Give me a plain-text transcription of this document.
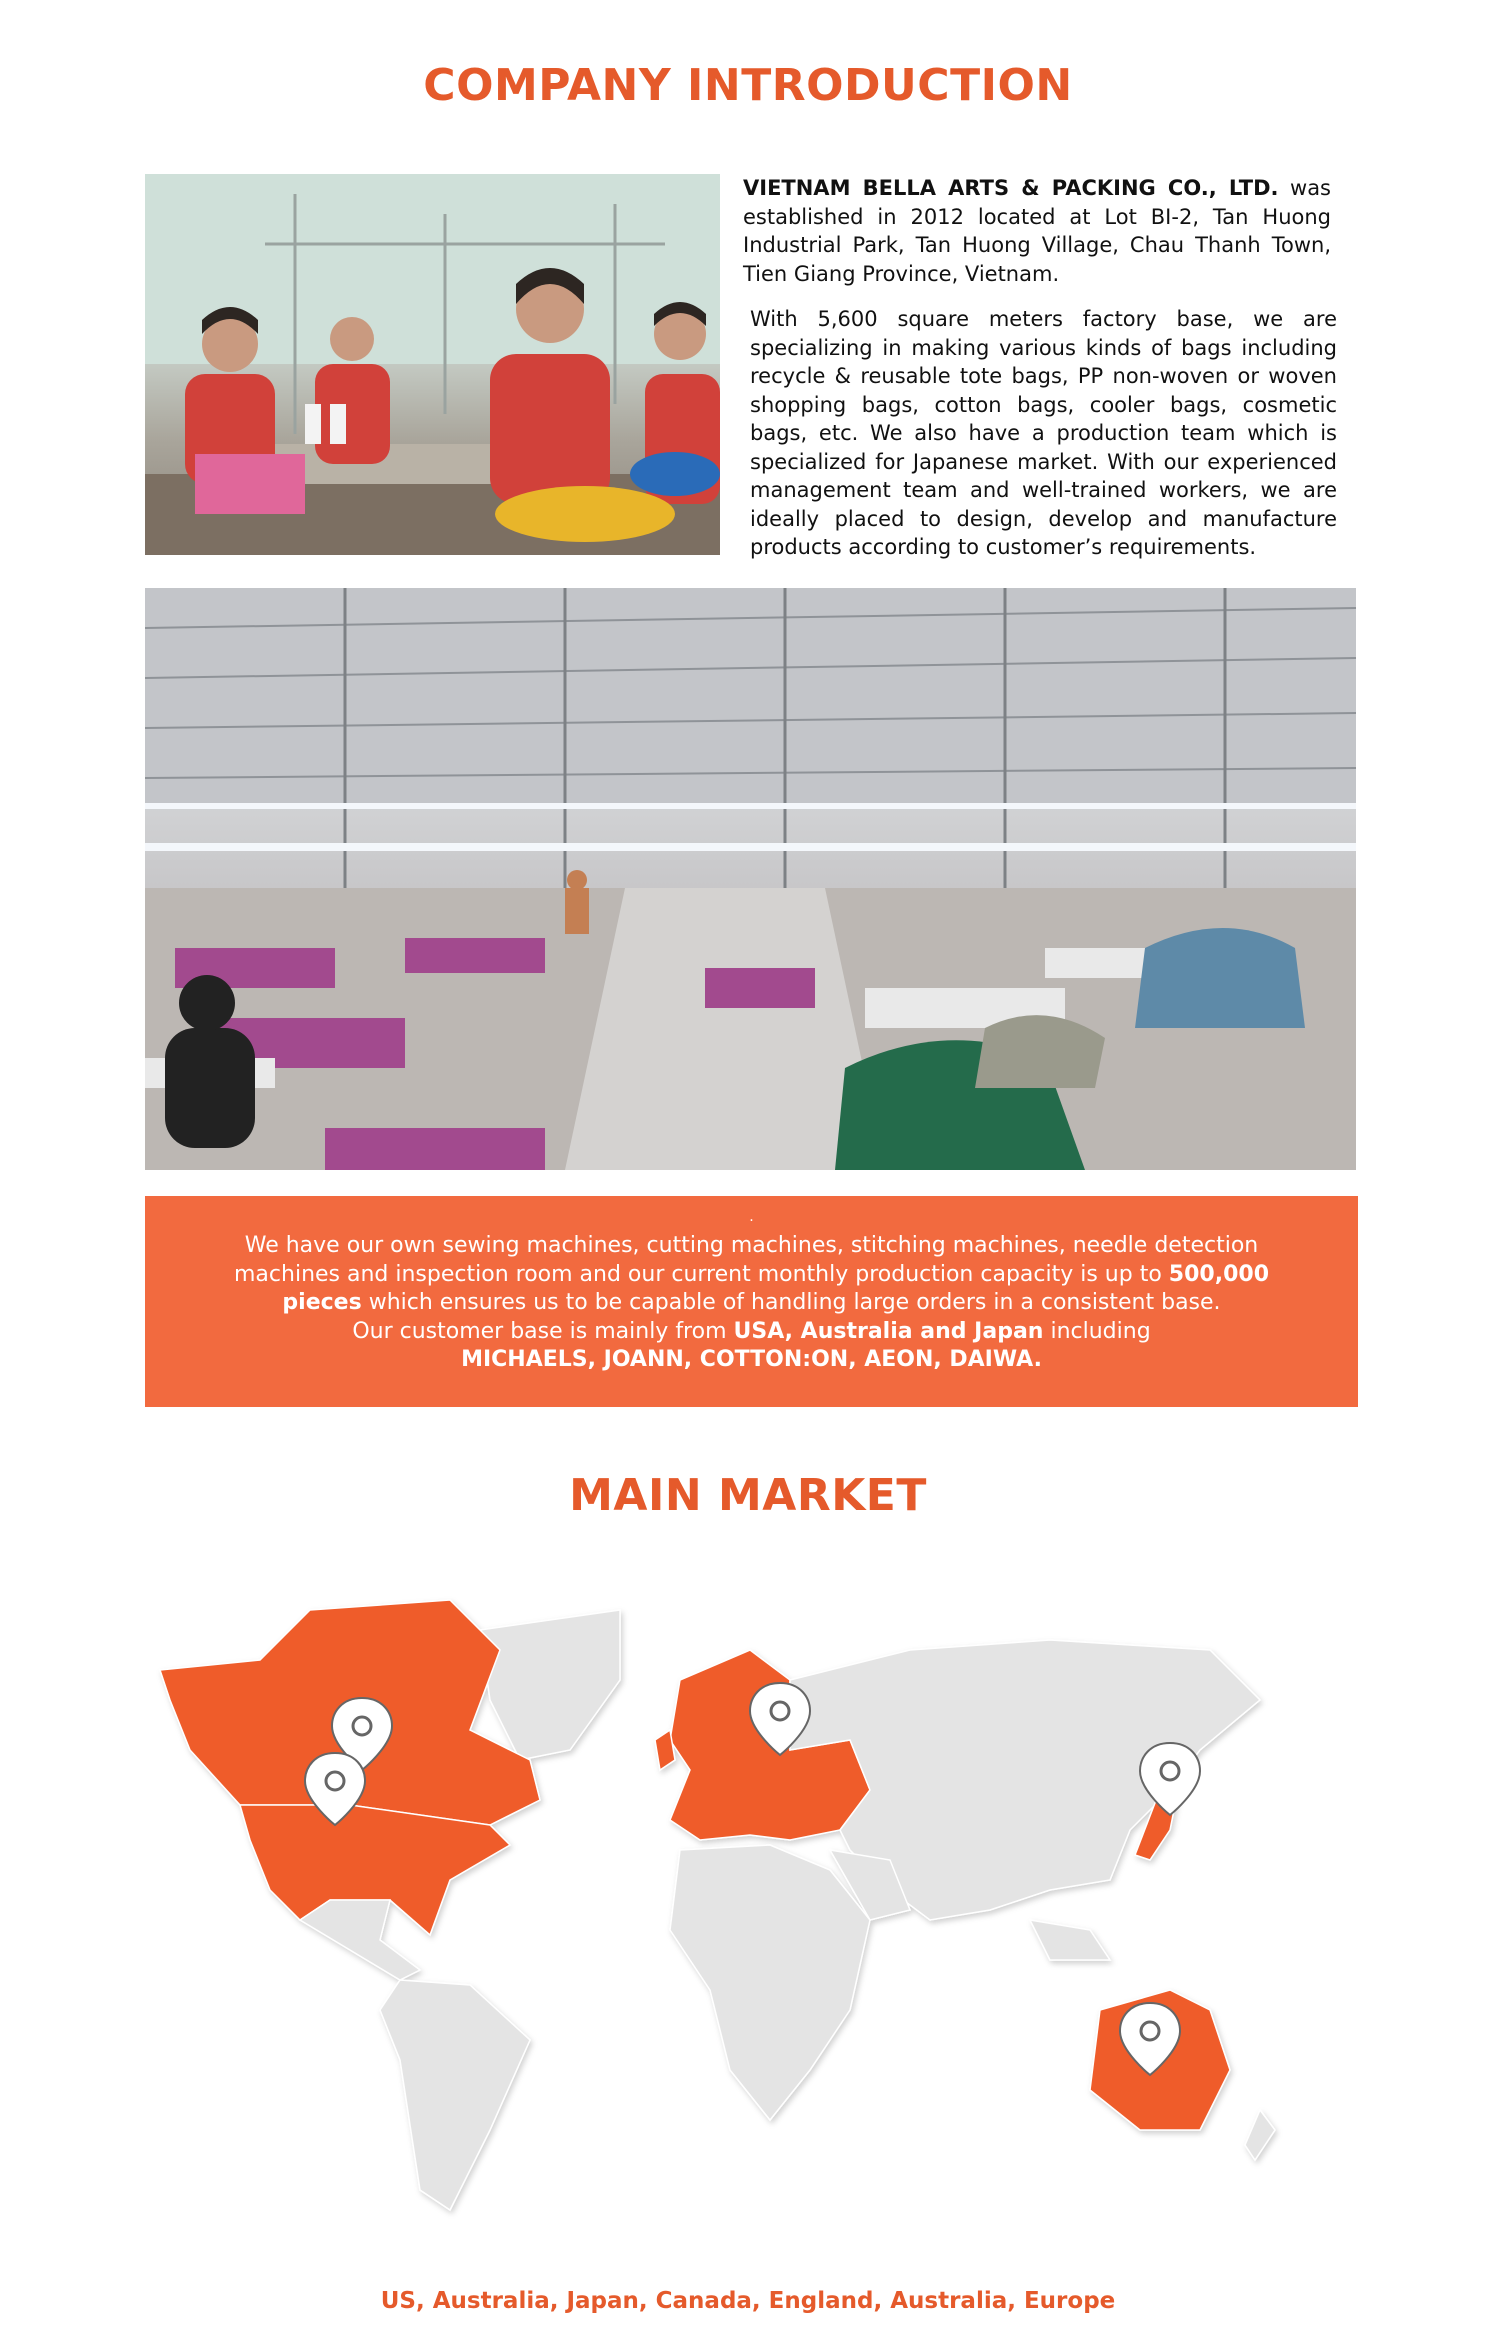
COMPANY INTRODUCTION

VIETNAM BELLA ARTS & PACKING CO., LTD. was established in 2012 located at Lot BI-2, Tan Huong Industrial Park, Tan Huong Village, Chau Thanh Town, Tien Giang Province, Vietnam.

With 5,600 square meters factory base, we are specializing in making various kinds of bags including recycle & reusable tote bags, PP non-woven or woven shopping bags, cotton bags, cooler bags, cosmetic bags, etc. We also have a production team which is specialized for Japanese market. With our experienced management team and well-trained workers, we are ideally placed to design, develop and manufacture products according to customer’s requirements.

.
We have our own sewing machines, cutting machines, stitching machines, needle detection machines and inspection room and our current monthly production capacity is up to 500,000 pieces which ensures us to be capable of handling large orders in a consistent base.
Our customer base is mainly from USA, Australia and Japan including
MICHAELS, JOANN, COTTON:ON, AEON, DAIWA.
MAIN MARKET
US, Australia, Japan, Canada, England, Australia, Europe
